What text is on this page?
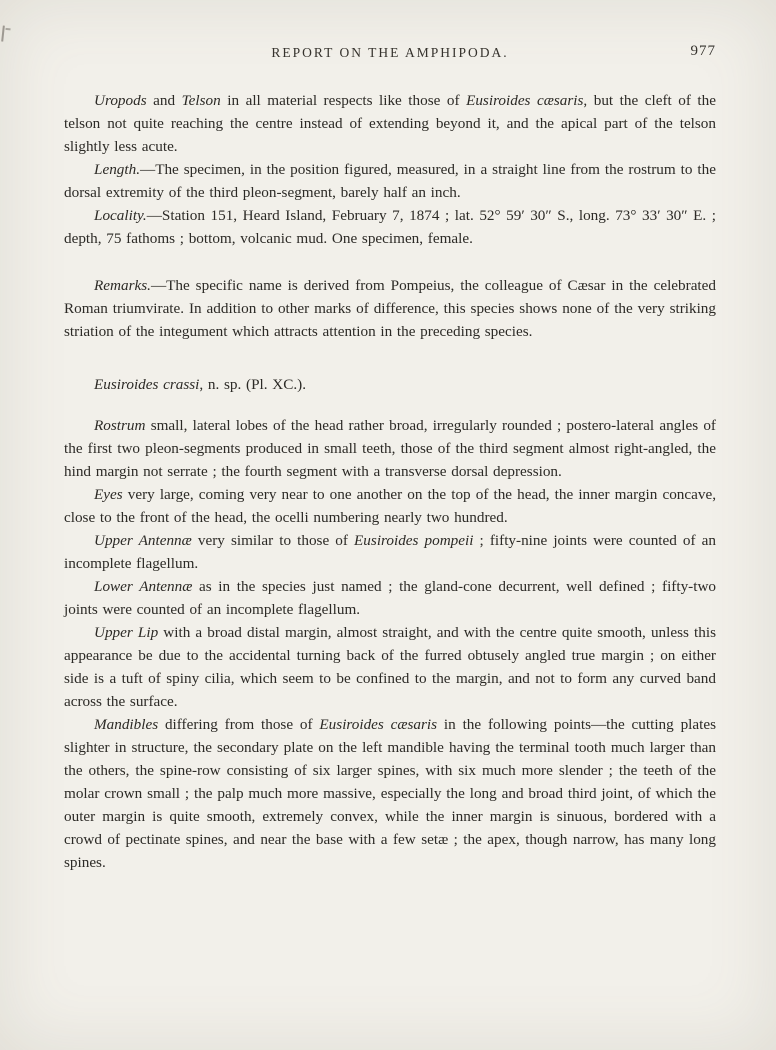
REPORT ON THE AMPHIPODA.	977

Uropods and Telson in all material respects like those of Eusiroides cæsaris, but the cleft of the telson not quite reaching the centre instead of extending beyond it, and the apical part of the telson slightly less acute.

Length.—The specimen, in the position figured, measured, in a straight line from the rostrum to the dorsal extremity of the third pleon-segment, barely half an inch.

Locality.—Station 151, Heard Island, February 7, 1874 ; lat. 52° 59′ 30″ S., long. 73° 33′ 30″ E. ; depth, 75 fathoms ; bottom, volcanic mud. One specimen, female.

Remarks.—The specific name is derived from Pompeius, the colleague of Cæsar in the celebrated Roman triumvirate. In addition to other marks of difference, this species shows none of the very striking striation of the integument which attracts attention in the preceding species.

Eusiroides crassi, n. sp. (Pl. XC.).

Rostrum small, lateral lobes of the head rather broad, irregularly rounded ; postero-lateral angles of the first two pleon-segments produced in small teeth, those of the third segment almost right-angled, the hind margin not serrate ; the fourth segment with a transverse dorsal depression.

Eyes very large, coming very near to one another on the top of the head, the inner margin concave, close to the front of the head, the ocelli numbering nearly two hundred.

Upper Antennæ very similar to those of Eusiroides pompeii ; fifty-nine joints were counted of an incomplete flagellum.

Lower Antennæ as in the species just named ; the gland-cone decurrent, well defined ; fifty-two joints were counted of an incomplete flagellum.

Upper Lip with a broad distal margin, almost straight, and with the centre quite smooth, unless this appearance be due to the accidental turning back of the furred obtusely angled true margin ; on either side is a tuft of spiny cilia, which seem to be confined to the margin, and not to form any curved band across the surface.

Mandibles differing from those of Eusiroides cæsaris in the following points—the cutting plates slighter in structure, the secondary plate on the left mandible having the terminal tooth much larger than the others, the spine-row consisting of six larger spines, with six much more slender ; the teeth of the molar crown small ; the palp much more massive, especially the long and broad third joint, of which the outer margin is quite smooth, extremely convex, while the inner margin is sinuous, bordered with a crowd of pectinate spines, and near the base with a few setæ ; the apex, though narrow, has many long spines.
